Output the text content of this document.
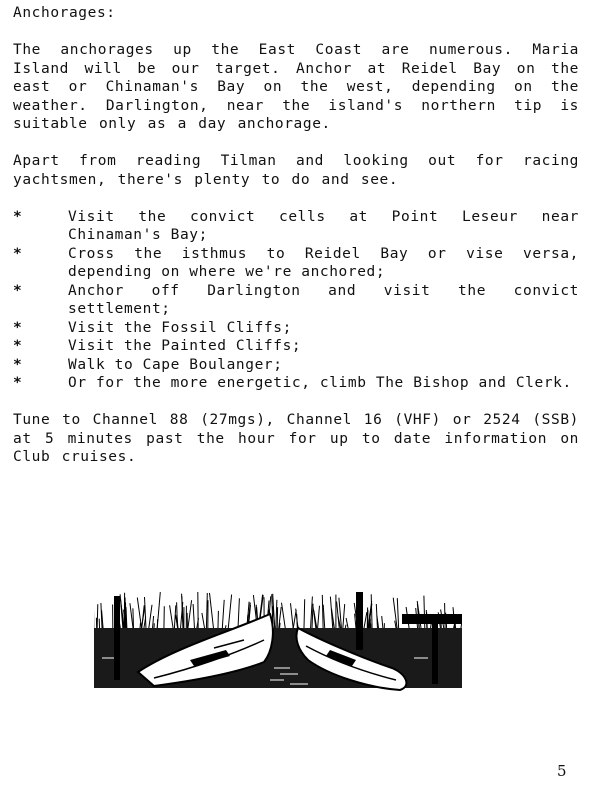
Anchorages:

The anchorages up the East Coast are numerous. Maria Island will be our target. Anchor at Reidel Bay on the east or Chinaman's Bay on the west, depending on the weather. Darlington, near the island's northern tip is suitable only as a day anchorage.

Apart from reading Tilman and looking out for racing yachtsmen, there's plenty to do and see.

*	Visit the convict cells at Point Leseur near Chinaman's Bay;
*	Cross the isthmus to Reidel Bay or vise versa, depending on where we're anchored;
*	Anchor off Darlington and visit the convict settlement;
*	Visit the Fossil Cliffs;
*	Visit the Painted Cliffs;
*	Walk to Cape Boulanger;
*	Or for the more energetic, climb The Bishop and Clerk.

Tune to Channel 88 (27mgs), Channel 16 (VHF) or 2524 (SSB) at 5 minutes past the hour for up to date information on Club cruises.

5
